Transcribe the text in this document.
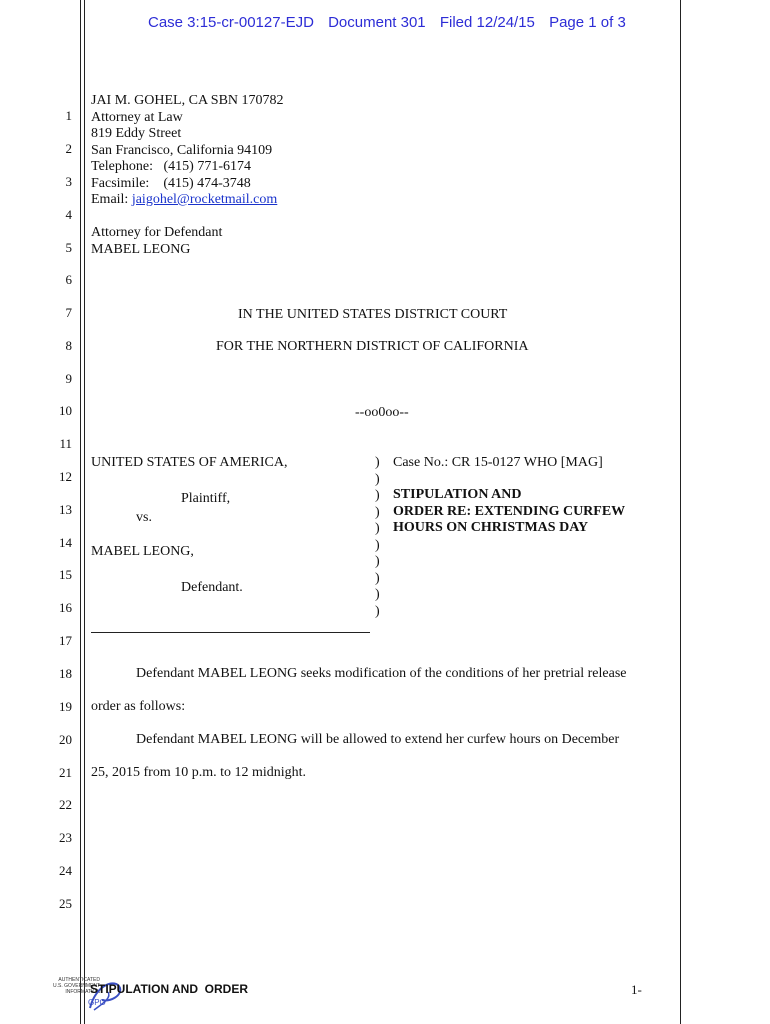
Case 3:15-cr-00127-EJD Document 301 Filed 12/24/15 Page 1 of 3
1
2
3
4
5
6
7
8
9
10
11
12
13
14
15
16
17
18
19
20
21
22
23
24
25
JAI M. GOHEL, CA SBN 170782
Attorney at Law
819 Eddy Street
San Francisco, California 94109
Telephone:   (415) 771-6174
Facsimile:    (415) 474-3748
Email: jaigohel@rocketmail.com
Attorney for Defendant
MABEL LEONG
IN THE UNITED STATES DISTRICT COURT
FOR THE NORTHERN DISTRICT OF CALIFORNIA
--oo0oo--
UNITED STATES OF AMERICA,
Plaintiff,
vs.
MABEL LEONG,
Defendant.
)
)
)
)
)
)
)
)
)
)
Case No.: CR 15-0127 WHO [MAG]
STIPULATION AND
ORDER RE: EXTENDING CURFEW
HOURS ON CHRISTMAS DAY
Defendant MABEL LEONG seeks modification of the conditions of her pretrial release
order as follows:
Defendant MABEL LEONG will be allowed to extend her curfew hours on December
25, 2015 from 10 p.m. to 12 midnight.
AUTHENTICATED
U.S. GOVERNMENT
INFORMATION
GPO
STIPULATION AND  ORDER	1-
